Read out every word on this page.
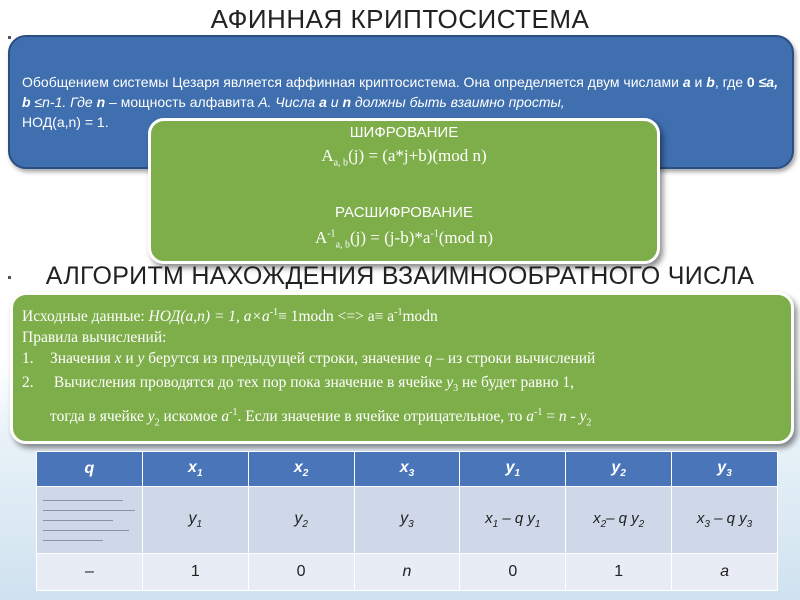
АФИННАЯ КРИПТОСИСТЕМА
Обобщением системы Цезаря является аффинная криптосистема. Она определяется двум числами a и b, где 0 ≤a, b ≤n-1. Где n – мощность алфавита A. Числа a и n должны быть взаимно просты,
НОД(a,n) = 1.
ШИФРОВАНИЕ
$A_{a, b}(j) = (a*j+b)(mod$ n)
РАСШИФРОВАНИЕ
$A^{-1}_{a, b}(j) = (j-b)*a^{-1}(mod$ n)
АЛГОРИТМ НАХОЖДЕНИЯ ВЗАИМНООБРАТНОГО ЧИСЛА
Исходные данные: НОД(a,n) = 1, $a\times a^{-1}\equiv$ 1modn <=> $a\equiv a^{-1}modn$
Правила вычислений:
1. Значения x и y берутся из предыдущей строки, значение q – из строки вычислений
2. Вычисления проводятся до тех пор пока значение в ячейке $y_3$ не будет равно 1,
тогда в ячейке $y_2$ искомое $a^{-1}$. Если значение в ячейке отрицательное, то $a^{-1} = n - y_2$
q	$x_1$	$x_2$	$x_3$	$y_1$	$y_2$	$y_3$

	$y_1$	$y_2$	$y_3$	$x_1$ – q $y_1$	$x_2-$ q $y_2$	$x_3$ – q $y_3$
–	1	0	n	0	1	a
